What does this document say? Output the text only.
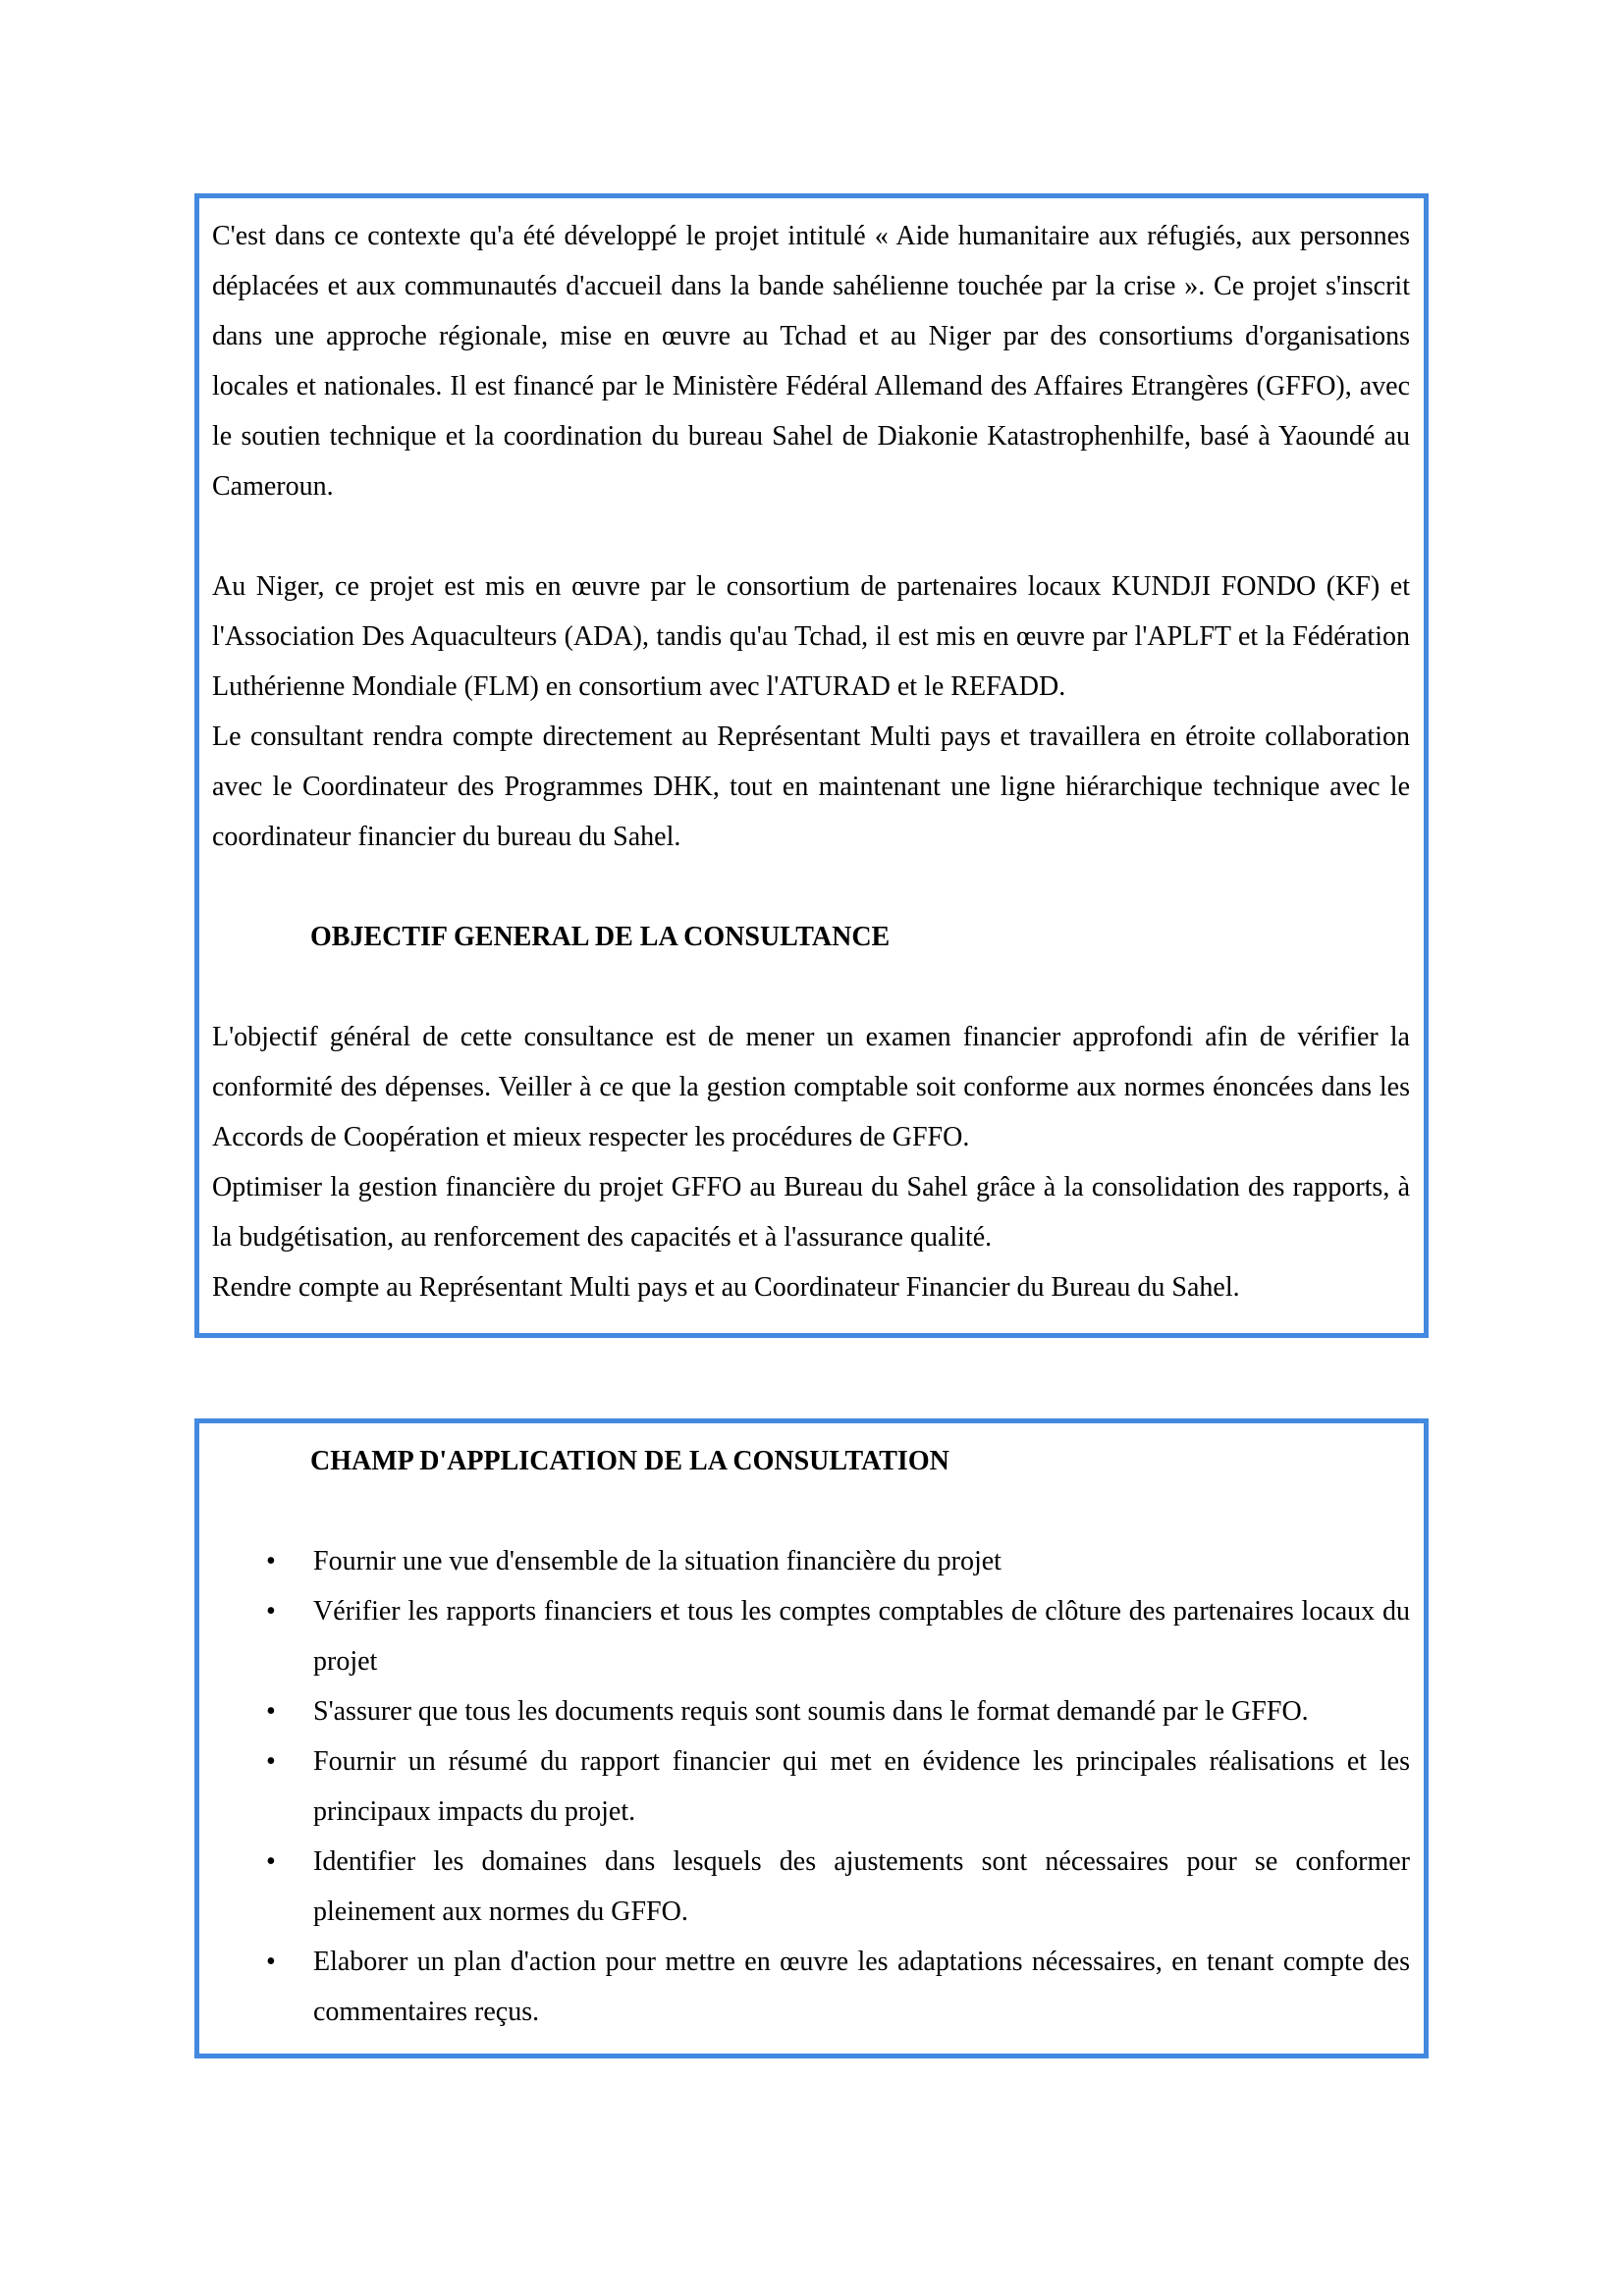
C'est dans ce contexte qu'a été développé le projet intitulé « Aide humanitaire aux réfugiés, aux personnes déplacées et aux communautés d'accueil dans la bande sahélienne touchée par la crise ». Ce projet s'inscrit dans une approche régionale, mise en œuvre au Tchad et au Niger par des consortiums d'organisations locales et nationales. Il est financé par le Ministère Fédéral Allemand des Affaires Etrangères (GFFO), avec le soutien technique et la coordination du bureau Sahel de Diakonie Katastrophenhilfe, basé à Yaoundé au Cameroun.

Au Niger, ce projet est mis en œuvre par le consortium de partenaires locaux KUNDJI FONDO (KF) et l'Association Des Aquaculteurs (ADA), tandis qu'au Tchad, il est mis en œuvre par l'APLFT et la Fédération Luthérienne Mondiale (FLM) en consortium avec l'ATURAD et le REFADD.

Le consultant rendra compte directement au Représentant Multi pays et travaillera en étroite collaboration avec le Coordinateur des Programmes DHK, tout en maintenant une ligne hiérarchique technique avec le coordinateur financier du bureau du Sahel.

OBJECTIF GENERAL DE LA CONSULTANCE

L'objectif général de cette consultance est de mener un examen financier approfondi afin de vérifier la conformité des dépenses. Veiller à ce que la gestion comptable soit conforme aux normes énoncées dans les Accords de Coopération et mieux respecter les procédures de GFFO.

Optimiser la gestion financière du projet GFFO au Bureau du Sahel grâce à la consolidation des rapports, à la budgétisation, au renforcement des capacités et à l'assurance qualité.

Rendre compte au Représentant Multi pays et au Coordinateur Financier du Bureau du Sahel.

CHAMP D'APPLICATION DE LA CONSULTATION
• Fournir une vue d'ensemble de la situation financière du projet
• Vérifier les rapports financiers et tous les comptes comptables de clôture des partenaires locaux du projet
• S'assurer que tous les documents requis sont soumis dans le format demandé par le GFFO.
• Fournir un résumé du rapport financier qui met en évidence les principales réalisations et les principaux impacts du projet.
• Identifier les domaines dans lesquels des ajustements sont nécessaires pour se conformer pleinement aux normes du GFFO.
• Elaborer un plan d'action pour mettre en œuvre les adaptations nécessaires, en tenant compte des commentaires reçus.
